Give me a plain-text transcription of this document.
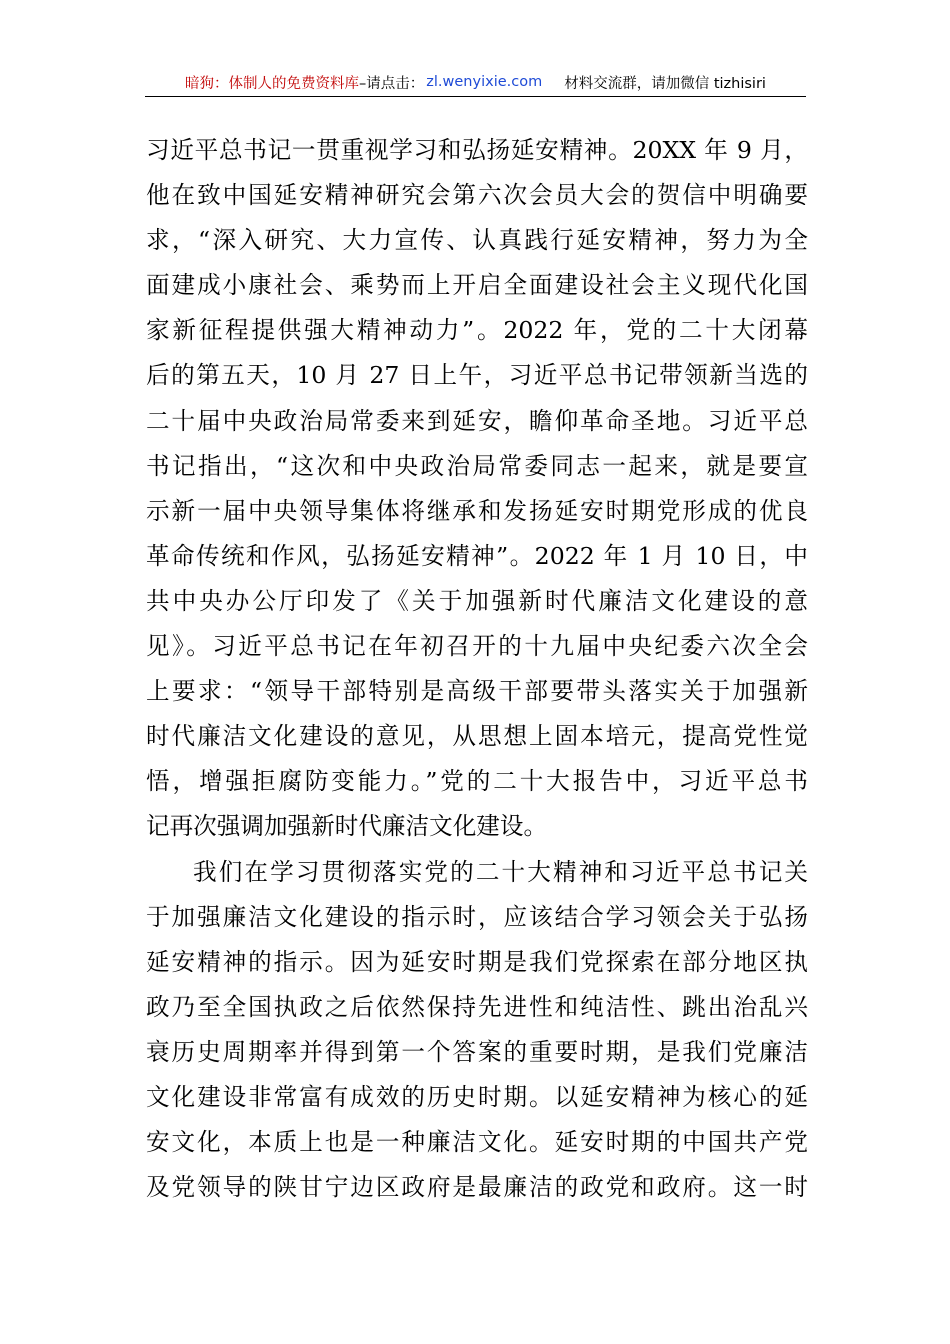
暗狗：体制人的免费资料库 –请点击： zl.wenyixie.com 材料交流群，请加微信 tizhisiri
习近平总书记一贯重视学习和弘扬延安精神。20XX 年 9 月，
他在致中国延安精神研究会第六次会员大会的贺信中明确要
求，“深入研究、大力宣传、认真践行延安精神，努力为全
面建成小康社会、乘势而上开启全面建设社会主义现代化国
家新征程提供强大精神动力”。2022 年，党的二十大闭幕
后的第五天，10 月 27 日上午，习近平总书记带领新当选的
二十届中央政治局常委来到延安，瞻仰革命圣地。习近平总
书记指出，“这次和中央政治局常委同志一起来，就是要宣
示新一届中央领导集体将继承和发扬延安时期党形成的优良
革命传统和作风，弘扬延安精神”。2022 年 1 月 10 日，中
共中央办公厅印发了《关于加强新时代廉洁文化建设的意
见》。习近平总书记在年初召开的十九届中央纪委六次全会
上要求：“领导干部特别是高级干部要带头落实关于加强新
时代廉洁文化建设的意见，从思想上固本培元，提高党性觉
悟，增强拒腐防变能力。”党的二十大报告中，习近平总书
记再次强调加强新时代廉洁文化建设。
我们在学习贯彻落实党的二十大精神和习近平总书记关
于加强廉洁文化建设的指示时，应该结合学习领会关于弘扬
延安精神的指示。因为延安时期是我们党探索在部分地区执
政乃至全国执政之后依然保持先进性和纯洁性、跳出治乱兴
衰历史周期率并得到第一个答案的重要时期，是我们党廉洁
文化建设非常富有成效的历史时期。以延安精神为核心的延
安文化，本质上也是一种廉洁文化。延安时期的中国共产党
及党领导的陕甘宁边区政府是最廉洁的政党和政府。这一时
